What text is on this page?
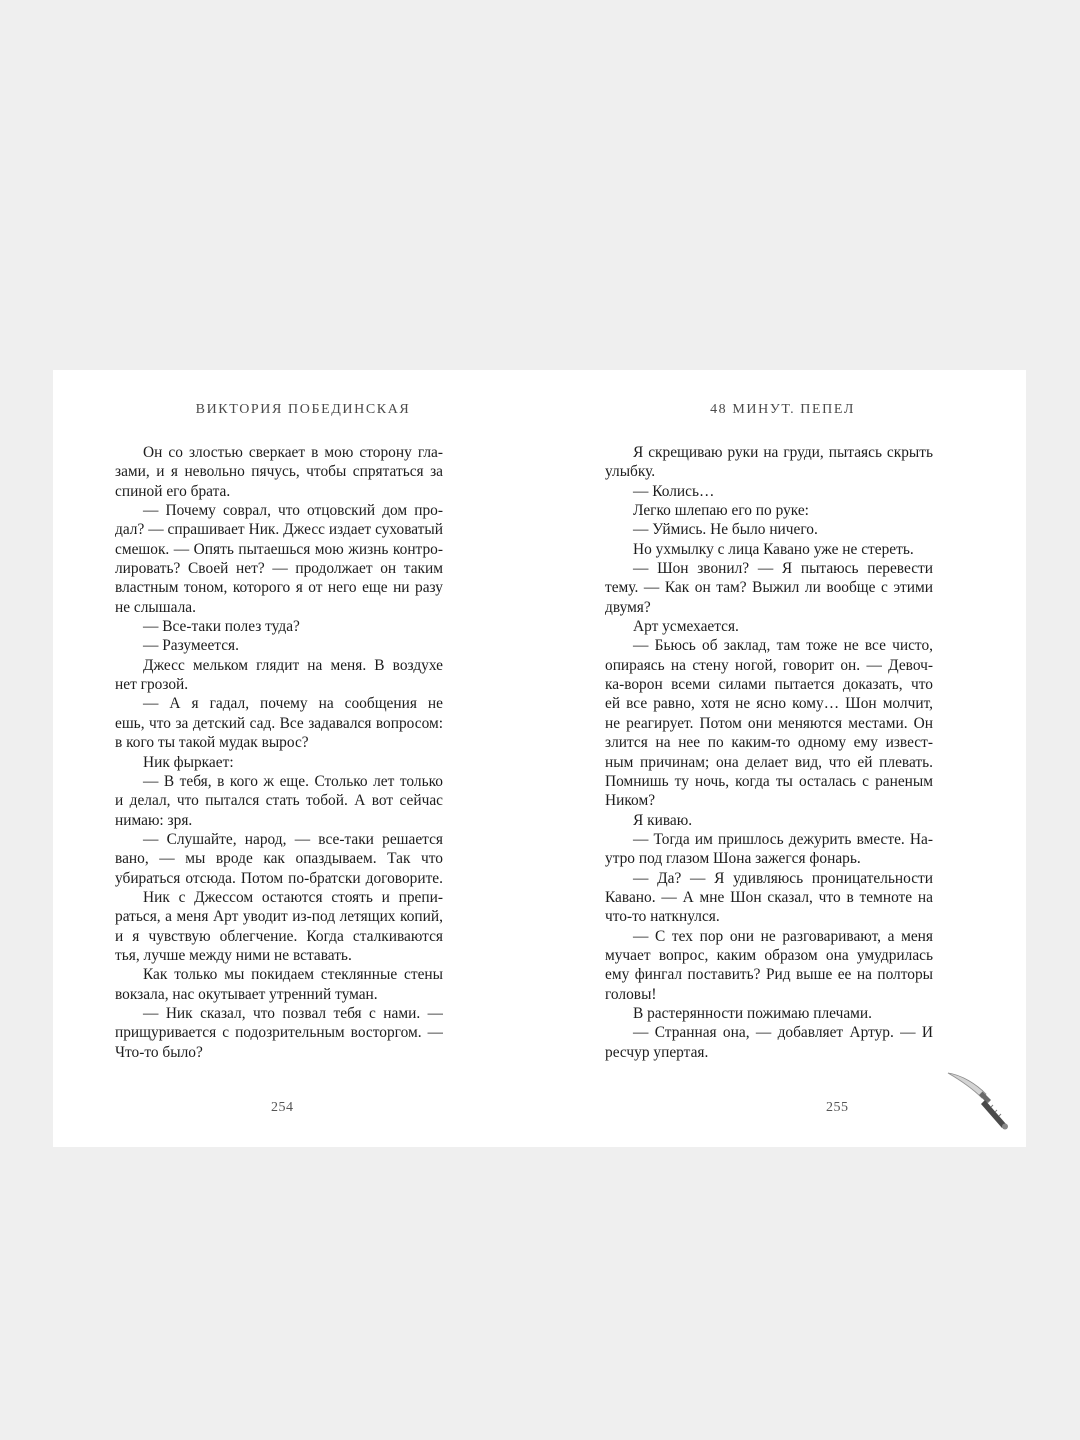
ВИКТОРИЯ ПОБЕДИНСКАЯ
Он со злостью сверкает в мою сторону гла-
зами, и я невольно пячусь, чтобы спрятаться за
спиной его брата.
— Почему соврал, что отцовский дом про-
дал? — спрашивает Ник. Джесс издает суховатый
смешок. — Опять пытаешься мою жизнь контро-
лировать? Своей нет? — продолжает он таким
властным тоном, которого я от него еще ни разу
не слышала.
— Все-таки полез туда?
— Разумеется.
Джесс мельком глядит на меня. В воздухе
нет грозой.
— А я гадал, почему на сообщения не
ешь, что за детский сад. Все задавался вопросом:
в кого ты такой мудак вырос?
Ник фыркает:
— В тебя, в кого ж еще. Столько лет только
и делал, что пытался стать тобой. А вот сейчас
нимаю: зря.
— Слушайте, народ, — все-таки решается
вано, — мы вроде как опаздываем. Так что
убираться отсюда. Потом по-братски договорите.
Ник с Джессом остаются стоять и препи-
раться, а меня Арт уводит из-под летящих копий,
и я чувствую облегчение. Когда сталкиваются
тья, лучше между ними не вставать.
Как только мы покидаем стеклянные стены
вокзала, нас окутывает утренний туман.
— Ник сказал, что позвал тебя с нами. —
прищуривается с подозрительным восторгом. —
Что-то было?
254
48 МИНУТ. ПЕПЕЛ
Я скрещиваю руки на груди, пытаясь скрыть
улыбку.
— Колись…
Легко шлепаю его по руке:
— Уймись. Не было ничего.
Но ухмылку с лица Кавано уже не стереть.
— Шон звонил? — Я пытаюсь перевести
тему. — Как он там? Выжил ли вообще с этими
двумя?
Арт усмехается.
— Бьюсь об заклад, там тоже не все чисто,
опираясь на стену ногой, говорит он. — Девоч-
ка-ворон всеми силами пытается доказать, что
ей все равно, хотя не ясно кому… Шон молчит,
не реагирует. Потом они меняются местами. Он
злится на нее по каким-то одному ему извест-
ным причинам; она делает вид, что ей плевать.
Помнишь ту ночь, когда ты осталась с раненым
Ником?
Я киваю.
— Тогда им пришлось дежурить вместе. На-
утро под глазом Шона зажегся фонарь.
— Да? — Я удивляюсь проницательности
Кавано. — А мне Шон сказал, что в темноте на
что-то наткнулся.
— С тех пор они не разговаривают, а меня
мучает вопрос, каким образом она умудрилась
ему фингал поставить? Рид выше ее на полторы
головы!
В растерянности пожимаю плечами.
— Странная она, — добавляет Артур. — И
ресчур упертая.
255
